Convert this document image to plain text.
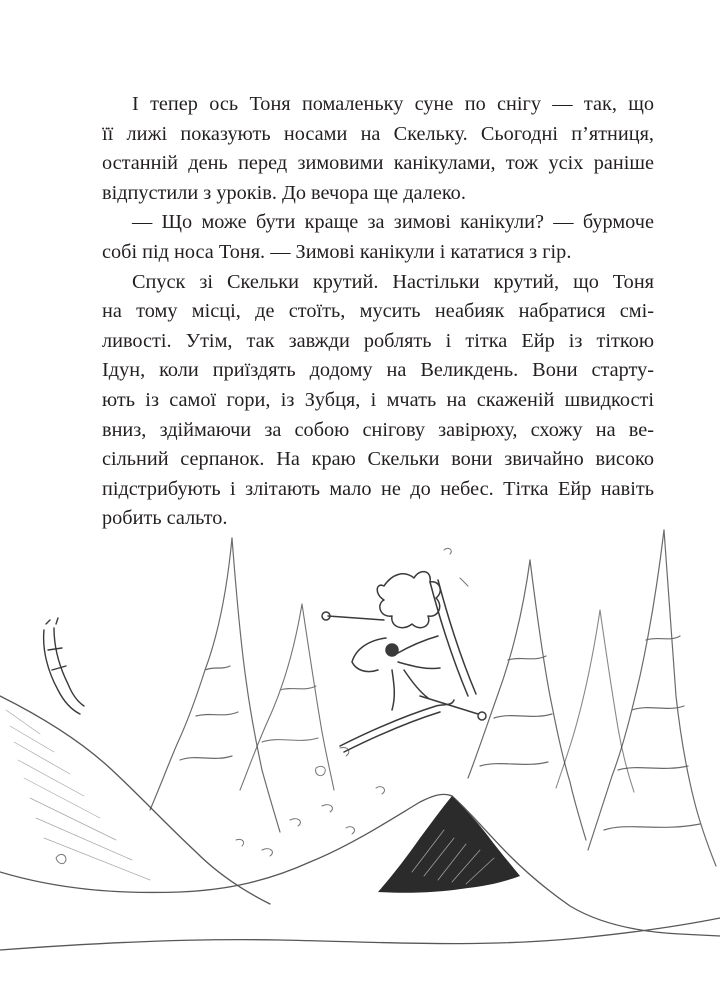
І тепер ось Тоня помаленьку суне по снігу — так, що
її лижі показують носами на Скельку. Сьогодні п’ятниця,
останній день перед зимовими канікулами, тож усіх раніше
відпустили з уроків. До вечора ще далеко.

— Що може бути краще за зимові канікули? — бурмоче
собі під носа Тоня. — Зимові канікули і кататися з гір.

Спуск зі Скельки крутий. Настільки крутий, що Тоня
на тому місці, де стоїть, мусить неабияк набратися смі-
ливості. Утім, так завжди роблять і тітка Ейр із тіткою
Ідун, коли приїздять додому на Великдень. Вони старту-
ють із самої гори, із Зубця, і мчать на скаженій швидкості
вниз, здіймаючи за собою снігову завірюху, схожу на ве-
сільний серпанок. На краю Скельки вони звичайно високо
підстрибують і злітають мало не до небес. Тітка Ейр навіть
робить сальто.
